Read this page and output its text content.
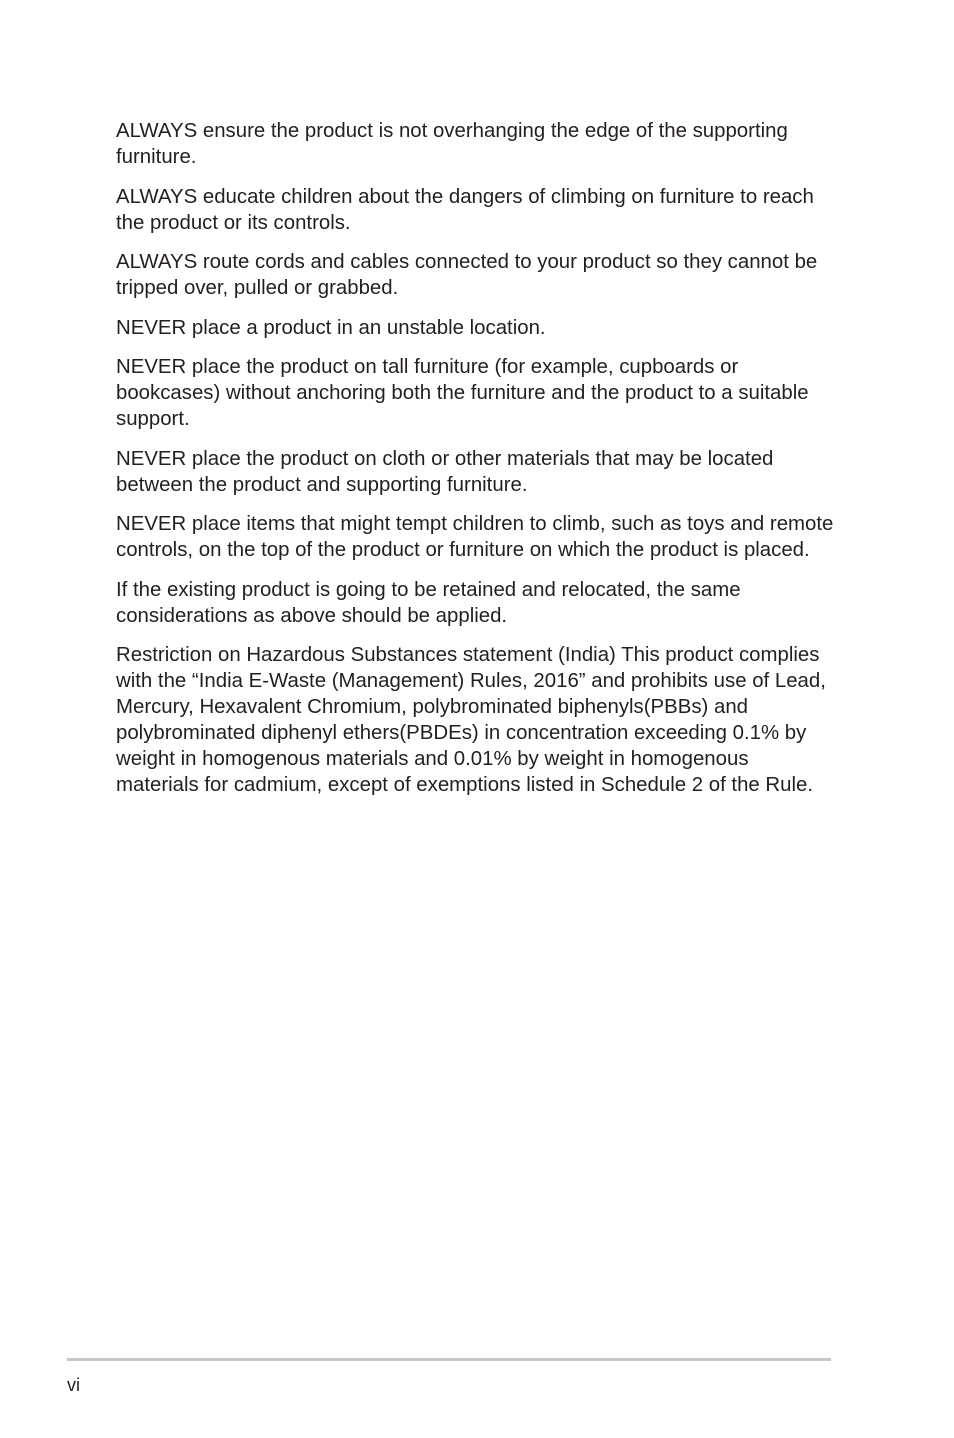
ALWAYS ensure the product is not overhanging the edge of the supporting furniture.

ALWAYS educate children about the dangers of climbing on furniture to reach the product or its controls.

ALWAYS route cords and cables connected to your product so they cannot be tripped over, pulled or grabbed.

NEVER place a product in an unstable location.

NEVER place the product on tall furniture (for example, cupboards or bookcases) without anchoring both the furniture and the product to a suitable support.

NEVER place the product on cloth or other materials that may be located between the product and supporting furniture.

NEVER place items that might tempt children to climb, such as toys and remote controls, on the top of the product or furniture on which the product is placed.

If the existing product is going to be retained and relocated, the same considerations as above should be applied.

Restriction on Hazardous Substances statement (India) This product complies with the “India E-Waste (Management) Rules, 2016” and prohibits use of Lead, Mercury, Hexavalent Chromium, polybrominated biphenyls(PBBs) and polybrominated diphenyl ethers(PBDEs) in concentration exceeding 0.1% by weight in homogenous materials and 0.01% by weight in homogenous materials for cadmium, except of exemptions listed in Schedule 2 of the Rule.

vi
